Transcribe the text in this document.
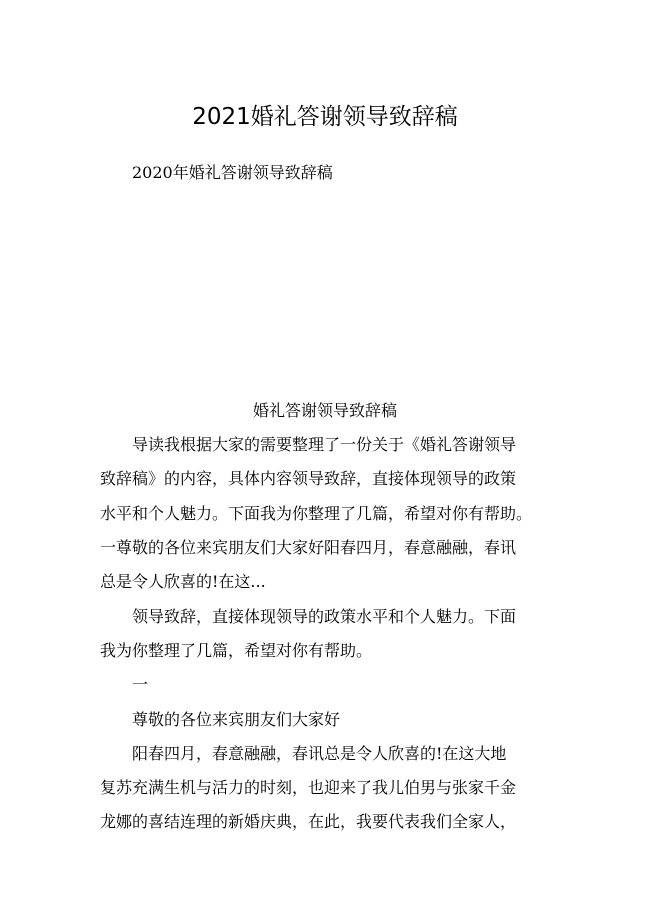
2021婚礼答谢领导致辞稿

2020年婚礼答谢领导致辞稿

婚礼答谢领导致辞稿

导读我根据大家的需要整理了一份关于《婚礼答谢领导

致辞稿》的内容，具体内容领导致辞，直接体现领导的政策

水平和个人魅力。下面我为你整理了几篇，希望对你有帮助。

一尊敬的各位来宾朋友们大家好阳春四月，春意融融，春讯

总是令人欣喜的!在这...

领导致辞，直接体现领导的政策水平和个人魅力。下面

我为你整理了几篇，希望对你有帮助。

一

尊敬的各位来宾朋友们大家好

阳春四月，春意融融，春讯总是令人欣喜的!在这大地

复苏充满生机与活力的时刻，也迎来了我儿伯男与张家千金

龙娜的喜结连理的新婚庆典，在此，我要代表我们全家人，
